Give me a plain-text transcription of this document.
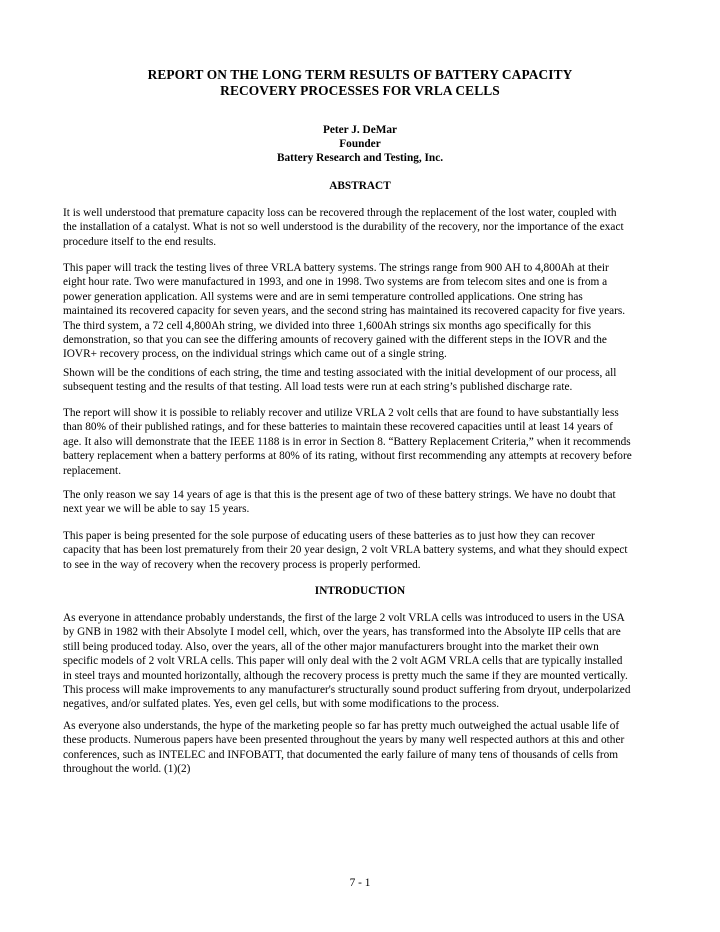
REPORT ON THE LONG TERM RESULTS OF BATTERY CAPACITY
RECOVERY PROCESSES FOR VRLA CELLS
Peter J. DeMar
Founder
Battery Research and Testing, Inc.
ABSTRACT
It is well understood that premature capacity loss can be recovered through the replacement of the lost water, coupled with
the installation of a catalyst. What is not so well understood is the durability of the recovery, nor the importance of the exact
procedure itself to the end results.
This paper will track the testing lives of three VRLA battery systems. The strings range from 900 AH to 4,800Ah at their
eight hour rate. Two were manufactured in 1993, and one in 1998. Two systems are from telecom sites and one is from a
power generation application. All systems were and are in semi temperature controlled applications. One string has
maintained its recovered capacity for seven years, and the second string has maintained its recovered capacity for five years.
The third system, a 72 cell 4,800Ah string, we divided into three 1,600Ah strings six months ago specifically for this
demonstration, so that you can see the differing amounts of recovery gained with the different steps in the IOVR and the
IOVR+ recovery process, on the individual strings which came out of a single string.
Shown will be the conditions of each string, the time and testing associated with the initial development of our process, all
subsequent testing and the results of that testing. All load tests were run at each string’s published discharge rate.
The report will show it is possible to reliably recover and utilize VRLA 2 volt cells that are found to have substantially less
than 80% of their published ratings, and for these batteries to maintain these recovered capacities until at least 14 years of
age. It also will demonstrate that the IEEE 1188 is in error in Section 8. “Battery Replacement Criteria,” when it recommends
battery replacement when a battery performs at 80% of its rating, without first recommending any attempts at recovery before
replacement.
The only reason we say 14 years of age is that this is the present age of two of these battery strings. We have no doubt that
next year we will be able to say 15 years.
This paper is being presented for the sole purpose of educating users of these batteries as to just how they can recover
capacity that has been lost prematurely from their 20 year design, 2 volt VRLA battery systems, and what they should expect
to see in the way of recovery when the recovery process is properly performed.
INTRODUCTION
As everyone in attendance probably understands, the first of the large 2 volt VRLA cells was introduced to users in the USA
by GNB in 1982 with their Absolyte I model cell, which, over the years, has transformed into the Absolyte IIP cells that are
still being produced today. Also, over the years, all of the other major manufacturers brought into the market their own
specific models of 2 volt VRLA cells. This paper will only deal with the 2 volt AGM VRLA cells that are typically installed
in steel trays and mounted horizontally, although the recovery process is pretty much the same if they are mounted vertically.
This process will make improvements to any manufacturer's structurally sound product suffering from dryout, underpolarized
negatives, and/or sulfated plates. Yes, even gel cells, but with some modifications to the process.
As everyone also understands, the hype of the marketing people so far has pretty much outweighed the actual usable life of
these products. Numerous papers have been presented throughout the years by many well respected authors at this and other
conferences, such as INTELEC and INFOBATT, that documented the early failure of many tens of thousands of cells from
throughout the world. (1)(2)
7 - 1
